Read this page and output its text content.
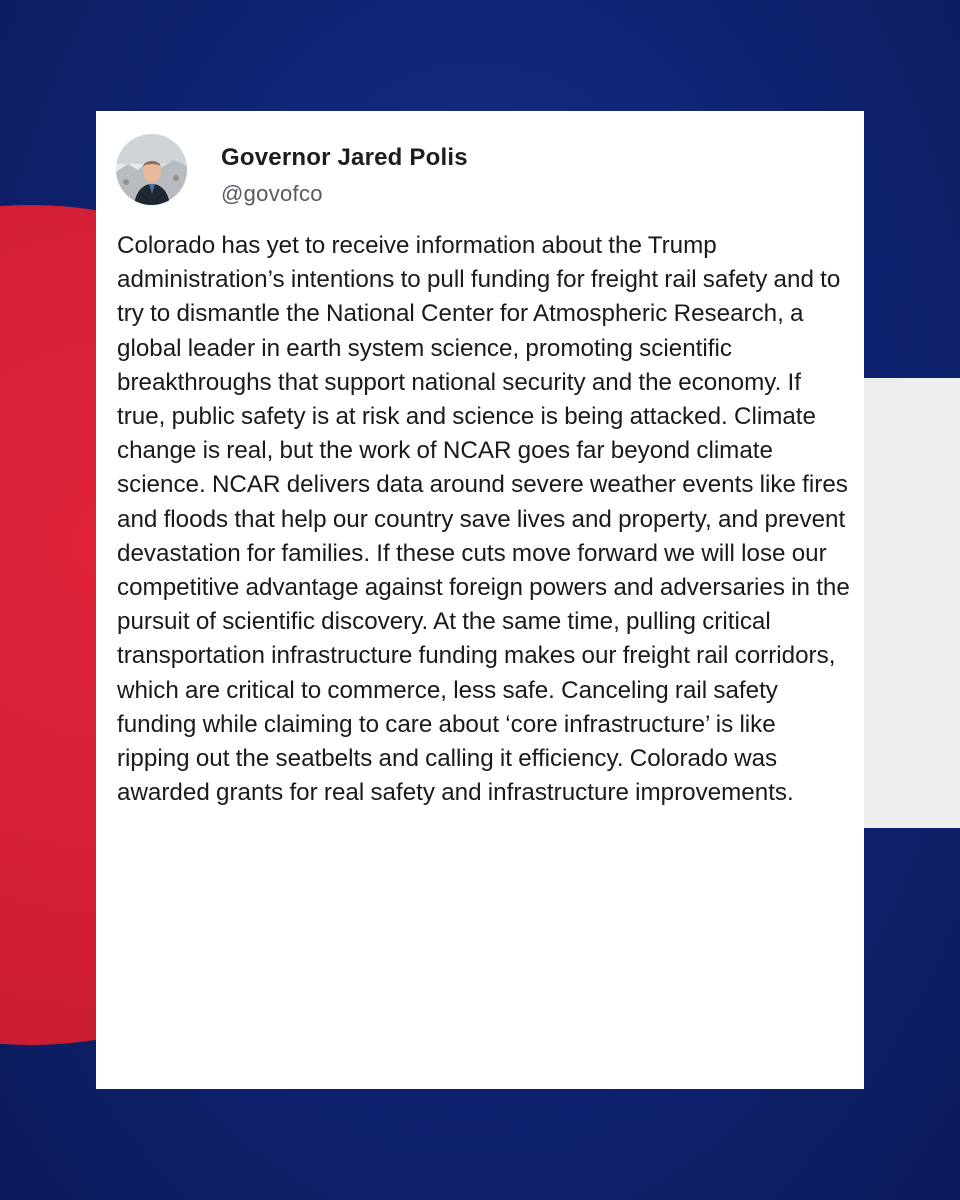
Governor Jared Polis
@govofco

Colorado has yet to receive information about the Trump administration’s intentions to pull funding for freight rail safety and to try to dismantle the National Center for Atmospheric Research, a global leader in earth system science, promoting scientific breakthroughs that support national security and the economy. If true, public safety is at risk and science is being attacked. Climate change is real, but the work of NCAR goes far beyond climate science. NCAR delivers data around severe weather events like fires and floods that help our country save lives and property, and prevent devastation for families. If these cuts move forward we will lose our competitive advantage against foreign powers and adversaries in the pursuit of scientific discovery. At the same time, pulling critical transportation infrastructure funding makes our freight rail corridors, which are critical to commerce, less safe. Canceling rail safety funding while claiming to care about ‘core infrastructure’ is like ripping out the seatbelts and calling it efficiency. Colorado was awarded grants for real safety and infrastructure improvements.
